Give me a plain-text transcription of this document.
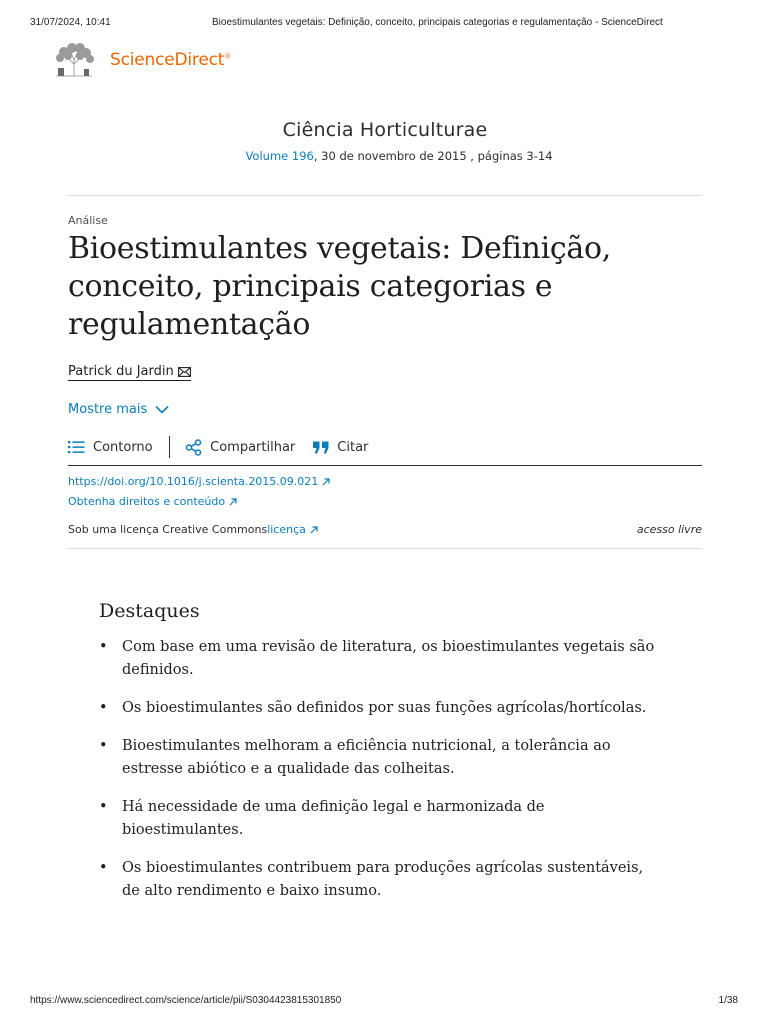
31/07/2024, 10:41	Bioestimulantes vegetais: Definição, conceito, principais categorias e regulamentação - ScienceDirect
ScienceDirect®
Ciência Horticulturae
Volume 196, 30 de novembro de 2015 , páginas 3-14
Análise
Bioestimulantes vegetais: Definição, conceito, principais categorias e regulamentação
Patrick du Jardin
Mostre mais
Contorno	Compartilhar	Citar
https://doi.org/10.1016/j.scienta.2015.09.021
Obtenha direitos e conteúdo
Sob uma licença Creative Commons licença	acesso livre
Destaques
• Com base em uma revisão de literatura, os bioestimulantes vegetais são definidos.
• Os bioestimulantes são definidos por suas funções agrícolas/hortícolas.
• Bioestimulantes melhoram a eficiência nutricional, a tolerância ao estresse abiótico e a qualidade das colheitas.
• Há necessidade de uma definição legal e harmonizada de bioestimulantes.
• Os bioestimulantes contribuem para produções agrícolas sustentáveis, de alto rendimento e baixo insumo.
https://www.sciencedirect.com/science/article/pii/S0304423815301850	1/38
